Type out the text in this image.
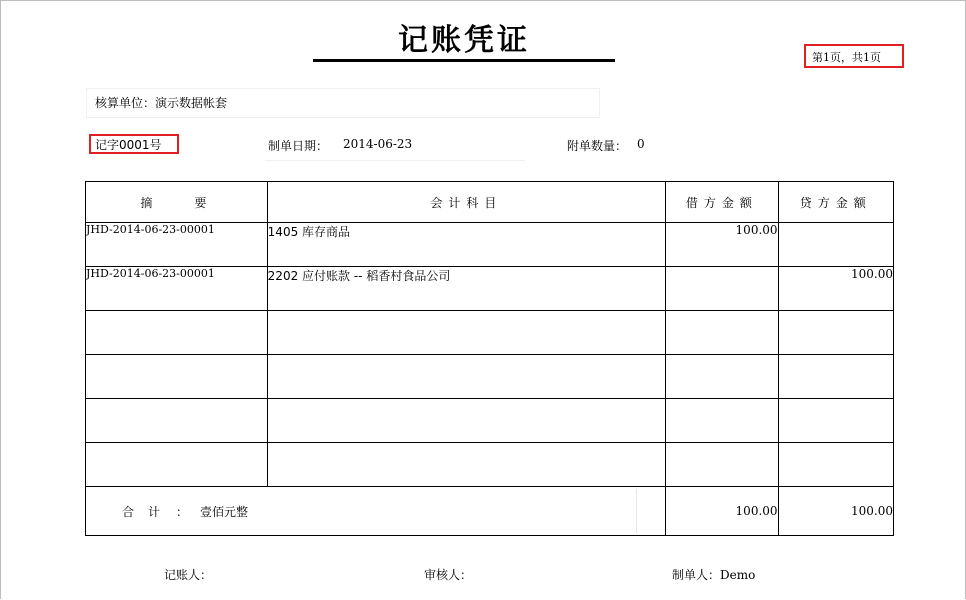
记账凭证	第1页，共1页
核算单位：演示数据帐套
记字0001号	制单日期： 2014-06-23	附单数量： 0
摘　　要	会计科目	借方金额	贷方金额
JHD-2014-06-23-00001	1405 库存商品	100.00	
JHD-2014-06-23-00001	2202 应付账款 -- 稻香村食品公司		100.00

合计 ： 壹佰元整		100.00	100.00
记账人：	审核人：	制单人：Demo
